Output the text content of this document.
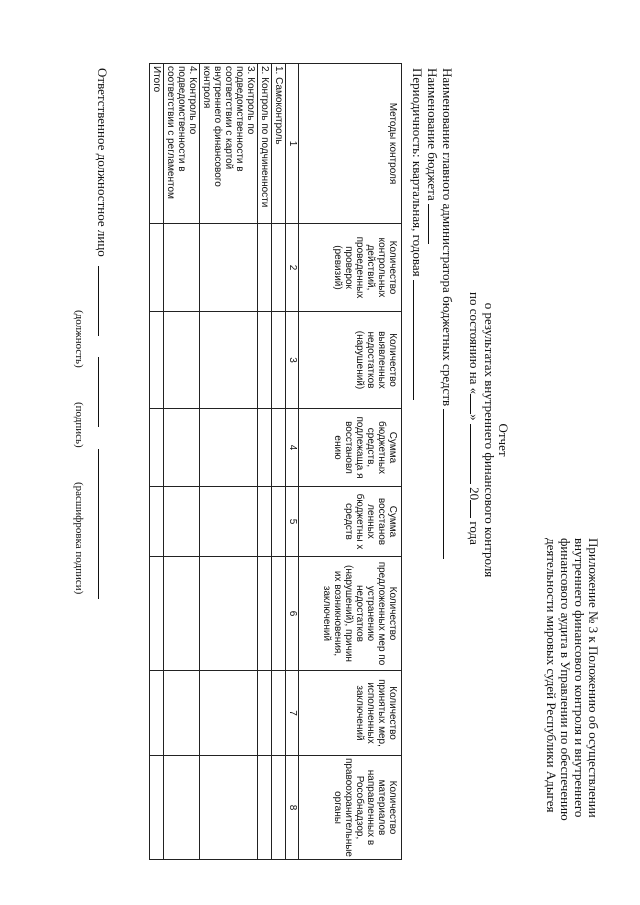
Приложение № 3 к Положению об осуществлении внутреннего финансового контроля и внутреннего финансового аудита в Управлении по обеспечению деятельности мировых судей Республики Адыгея
Отчет
о результатах внутреннего финансового контроля
по состоянию на «»  20 года
Наименование главного администратора бюджетных средств
Наименование бюджета
Периодичность: квартальная, годовая
Методы контроля	Количество контрольных действий, проведенных проверок (ревизий)	Количество выявленных недостатков (нарушений)	Сумма бюджетных средств, подлежаща я восстановл ению	Сумма восстанов ленных бюджетны х средств	Количество предложенных мер по устранению недостатков (нарушений), причин их возникновения, заключений	Количество принятых мер, исполненных заключений	Количество материалов направленных в Рособнадзор, правоохранительные органы
1	2	3	4	5	6	7	8
1. Самоконтроль							
2. Контроль по подчиненности							
3. Контроль по подведомственности в соответствии с картой внутреннего финансового контроля							
4. Контроль по подведомственности в соответствии с регламентом							
Итого							
Ответственное должностное лицо
(должность)
(подпись)
(расшифровка подписи)
